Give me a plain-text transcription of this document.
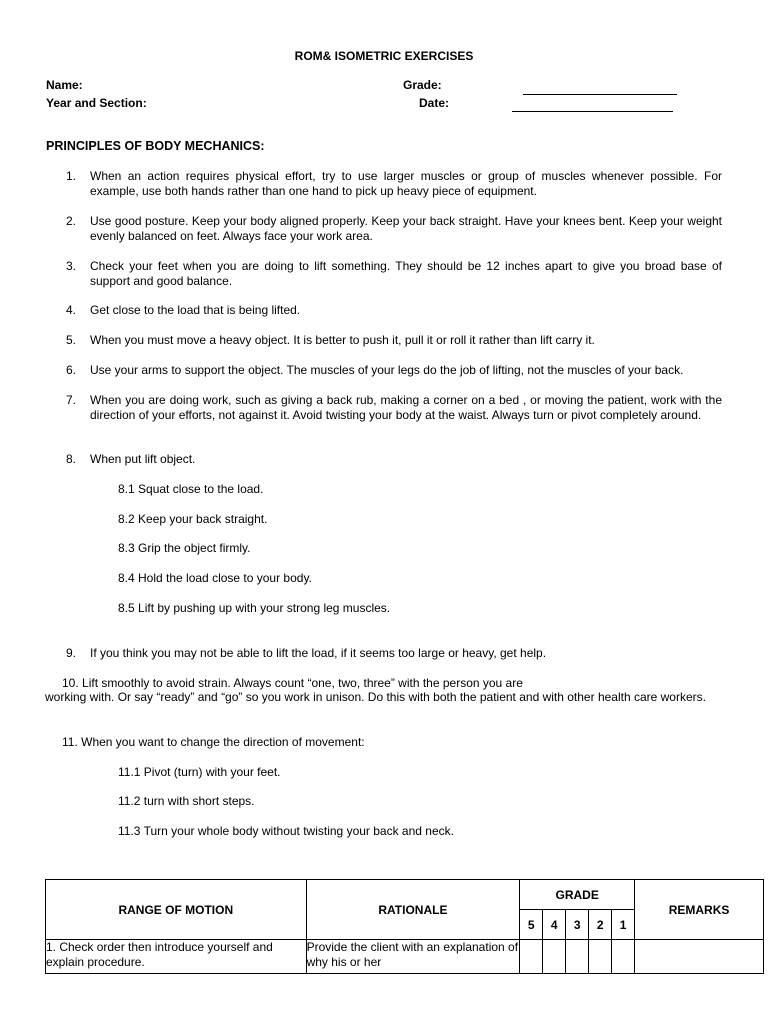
ROM& ISOMETRIC EXERCISES
Name:	Grade:
Year and Section:	Date:
PRINCIPLES OF BODY MECHANICS:
1. When an action requires physical effort, try to use larger muscles or group of muscles whenever possible. For example, use both hands rather than one hand to pick up heavy piece of equipment.
2. Use good posture. Keep your body aligned properly. Keep your back straight. Have your knees bent. Keep your weight evenly balanced on feet. Always face your work area.
3. Check your feet when you are doing to lift something. They should be 12 inches apart to give you broad base of support and good balance.
4. Get close to the load that is being lifted.
5. When you must move a heavy object. It is better to push it, pull it or roll it rather than lift carry it.
6. Use your arms to support the object. The muscles of your legs do the job of lifting, not the muscles of your back.
7. When you are doing work, such as giving a back rub, making a corner on a bed , or moving the patient, work with the direction of your efforts, not against it. Avoid twisting your body at the waist. Always turn or pivot completely around.
8. When put lift object.
8.1 Squat close to the load.
8.2 Keep your back straight.
8.3 Grip the object firmly.
8.4 Hold the load close to your body.
8.5 Lift by pushing up with your strong leg muscles.
9. If you think you may not be able to lift the load, if it seems too large or heavy, get help.
10. Lift smoothly to avoid strain. Always count “one, two, three” with the person you are
working with. Or say “ready” and “go” so you work in unison. Do this with both the patient and with other health care workers.
11. When you want to change the direction of movement:
11.1 Pivot (turn) with your feet.
11.2 turn with short steps.
11.3 Turn your whole body without twisting your back and neck.
RANGE OF MOTION	RATIONALE	GRADE					REMARKS
		5	4	3	2	1	
1. Check order then introduce yourself and explain procedure.	Provide the client with an explanation of why his or her						
